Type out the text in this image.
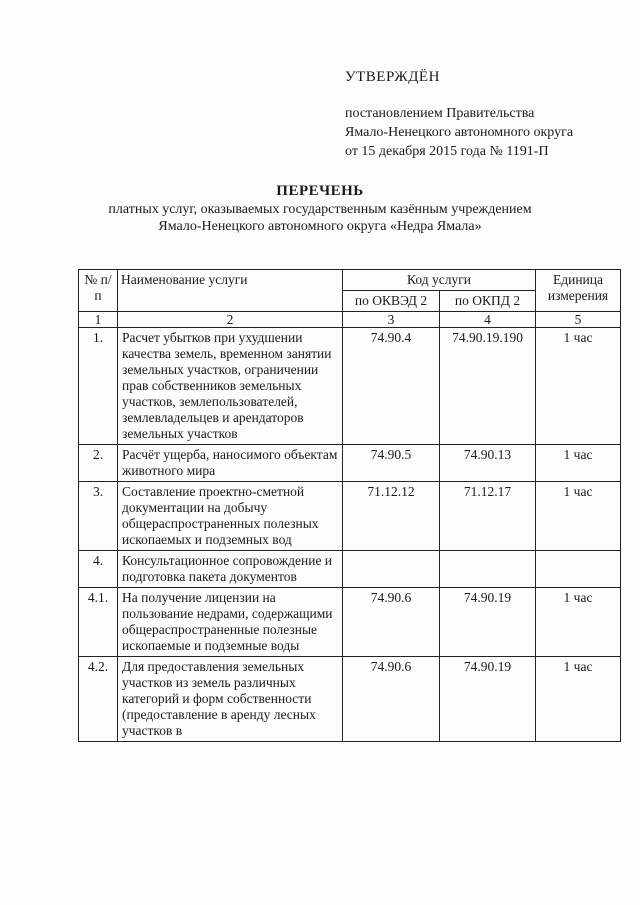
УТВЕРЖДЁН
постановлением Правительства
Ямало-Ненецкого автономного округа
от 15 декабря 2015 года № 1191-П
ПЕРЕЧЕНЬ
платных услуг, оказываемых государственным казённым учреждением
Ямало-Ненецкого автономного округа «Недра Ямала»
№ п/п	Наименование услуги	Код услуги		Единица измерения
		по ОКВЭД 2	по ОКПД 2	
1	2	3	4	5
1.	Расчет убытков при ухудшении качества земель, временном занятии земельных участков, ограничении прав собственников земельных участков, землепользователей, землевладельцев и арендаторов земельных участков	74.90.4	74.90.19.190	1 час
2.	Расчёт ущерба, наносимого объектам животного мира	74.90.5	74.90.13	1 час
3.	Составление проектно-сметной документации на добычу общераспространенных полезных ископаемых и подземных вод	71.12.12	71.12.17	1 час
4.	Консультационное сопровождение и подготовка пакета документов			
4.1.	На получение лицензии на пользование недрами, содержащими общераспространенные полезные ископаемые и подземные воды	74.90.6	74.90.19	1 час
4.2.	Для предоставления земельных участков из земель различных категорий и форм собственности (предоставление в аренду лесных участков в	74.90.6	74.90.19	1 час
